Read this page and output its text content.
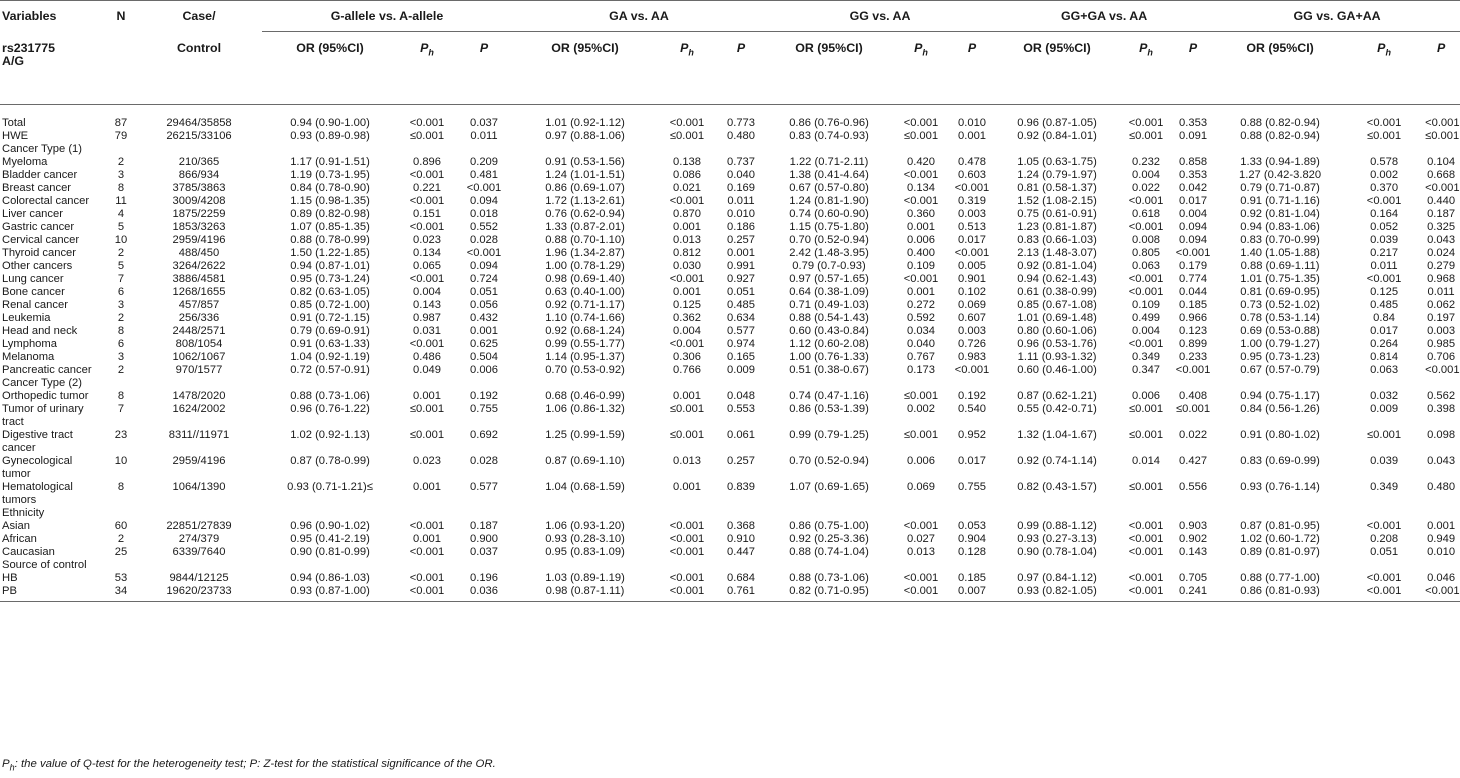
Variables	N	Case/	G-allele vs. A-allele			GA vs. AA			GG vs. AA			GG+GA vs. AA			GG vs. GA+AA		
rs231775
A/G		Control	OR (95%CI)	$P_h$	P	OR (95%CI)	$P_h$	P	OR (95%CI)	$P_h$	P	OR (95%CI)	$P_h$	P	OR (95%CI)	$P_h$	P
Total	87	29464/35858	0.94 (0.90-1.00)	<0.001	0.037	1.01 (0.92-1.12)	<0.001	0.773	0.86 (0.76-0.96)	<0.001	0.010	0.96 (0.87-1.05)	<0.001	0.353	0.88 (0.82-0.94)	<0.001	<0.001
HWE	79	26215/33106	0.93 (0.89-0.98)	≤0.001	0.011	0.97 (0.88-1.06)	≤0.001	0.480	0.83 (0.74-0.93)	≤0.001	0.001	0.92 (0.84-1.01)	≤0.001	0.091	0.88 (0.82-0.94)	≤0.001	≤0.001
Cancer Type (1)																	
Myeloma	2	210/365	1.17 (0.91-1.51)	0.896	0.209	0.91 (0.53-1.56)	0.138	0.737	1.22 (0.71-2.11)	0.420	0.478	1.05 (0.63-1.75)	0.232	0.858	1.33 (0.94-1.89)	0.578	0.104
Bladder cancer	3	866/934	1.19 (0.73-1.95)	<0.001	0.481	1.24 (1.01-1.51)	0.086	0.040	1.38 (0.41-4.64)	<0.001	0.603	1.24 (0.79-1.97)	0.004	0.353	1.27 (0.42-3.820	0.002	0.668
Breast cancer	8	3785/3863	0.84 (0.78-0.90)	0.221	<0.001	0.86 (0.69-1.07)	0.021	0.169	0.67 (0.57-0.80)	0.134	<0.001	0.81 (0.58-1.37)	0.022	0.042	0.79 (0.71-0.87)	0.370	<0.001
Colorectal cancer	11	3009/4208	1.15 (0.98-1.35)	<0.001	0.094	1.72 (1.13-2.61)	<0.001	0.011	1.24 (0.81-1.90)	<0.001	0.319	1.52 (1.08-2.15)	<0.001	0.017	0.91 (0.71-1.16)	<0.001	0.440
Liver cancer	4	1875/2259	0.89 (0.82-0.98)	0.151	0.018	0.76 (0.62-0.94)	0.870	0.010	0.74 (0.60-0.90)	0.360	0.003	0.75 (0.61-0.91)	0.618	0.004	0.92 (0.81-1.04)	0.164	0.187
Gastric cancer	5	1853/3263	1.07 (0.85-1.35)	<0.001	0.552	1.33 (0.87-2.01)	0.001	0.186	1.15 (0.75-1.80)	0.001	0.513	1.23 (0.81-1.87)	<0.001	0.094	0.94 (0.83-1.06)	0.052	0.325
Cervical cancer	10	2959/4196	0.88 (0.78-0.99)	0.023	0.028	0.88 (0.70-1.10)	0.013	0.257	0.70 (0.52-0.94)	0.006	0.017	0.83 (0.66-1.03)	0.008	0.094	0.83 (0.70-0.99)	0.039	0.043
Thyroid cancer	2	488/450	1.50 (1.22-1.85)	0.134	<0.001	1.96 (1.34-2.87)	0.812	0.001	2.42 (1.48-3.95)	0.400	<0.001	2.13 (1.48-3.07)	0.805	<0.001	1.40 (1.05-1.88)	0.217	0.024
Other cancers	5	3264/2622	0.94 (0.87-1.01)	0.065	0.094	1.00 (0.78-1.29)	0.030	0.991	0.79 (0.7-0.93)	0.109	0.005	0.92 (0.81-1.04)	0.063	0.179	0.88 (0.69-1.11)	0.011	0.279
Lung cancer	7	3886/4581	0.95 (0.73-1.24)	<0.001	0.724	0.98 (0.69-1.40)	<0.001	0.927	0.97 (0.57-1.65)	<0.001	0.901	0.94 (0.62-1.43)	<0.001	0.774	1.01 (0.75-1.35)	<0.001	0.968
Bone cancer	6	1268/1655	0.82 (0.63-1.05)	0.004	0.051	0.63 (0.40-1.00)	0.001	0.051	0.64 (0.38-1.09)	0.001	0.102	0.61 (0.38-0.99)	<0.001	0.044	0.81 (0.69-0.95)	0.125	0.011
Renal cancer	3	457/857	0.85 (0.72-1.00)	0.143	0.056	0.92 (0.71-1.17)	0.125	0.485	0.71 (0.49-1.03)	0.272	0.069	0.85 (0.67-1.08)	0.109	0.185	0.73 (0.52-1.02)	0.485	0.062
Leukemia	2	256/336	0.91 (0.72-1.15)	0.987	0.432	1.10 (0.74-1.66)	0.362	0.634	0.88 (0.54-1.43)	0.592	0.607	1.01 (0.69-1.48)	0.499	0.966	0.78 (0.53-1.14)	0.84	0.197
Head and neck	8	2448/2571	0.79 (0.69-0.91)	0.031	0.001	0.92 (0.68-1.24)	0.004	0.577	0.60 (0.43-0.84)	0.034	0.003	0.80 (0.60-1.06)	0.004	0.123	0.69 (0.53-0.88)	0.017	0.003
Lymphoma	6	808/1054	0.91 (0.63-1.33)	<0.001	0.625	0.99 (0.55-1.77)	<0.001	0.974	1.12 (0.60-2.08)	0.040	0.726	0.96 (0.53-1.76)	<0.001	0.899	1.00 (0.79-1.27)	0.264	0.985
Melanoma	3	1062/1067	1.04 (0.92-1.19)	0.486	0.504	1.14 (0.95-1.37)	0.306	0.165	1.00 (0.76-1.33)	0.767	0.983	1.11 (0.93-1.32)	0.349	0.233	0.95 (0.73-1.23)	0.814	0.706
Pancreatic cancer	2	970/1577	0.72 (0.57-0.91)	0.049	0.006	0.70 (0.53-0.92)	0.766	0.009	0.51 (0.38-0.67)	0.173	<0.001	0.60 (0.46-1.00)	0.347	<0.001	0.67 (0.57-0.79)	0.063	<0.001
Cancer Type (2)																	
Orthopedic tumor	8	1478/2020	0.88 (0.73-1.06)	0.001	0.192	0.68 (0.46-0.99)	0.001	0.048	0.74 (0.47-1.16)	≤0.001	0.192	0.87 (0.62-1.21)	0.006	0.408	0.94 (0.75-1.17)	0.032	0.562
Tumor of urinary tract	7	1624/2002	0.96 (0.76-1.22)	≤0.001	0.755	1.06 (0.86-1.32)	≤0.001	0.553	0.86 (0.53-1.39)	0.002	0.540	0.55 (0.42-0.71)	≤0.001	≤0.001	0.84 (0.56-1.26)	0.009	0.398
Digestive tract cancer	23	8311//11971	1.02 (0.92-1.13)	≤0.001	0.692	1.25 (0.99-1.59)	≤0.001	0.061	0.99 (0.79-1.25)	≤0.001	0.952	1.32 (1.04-1.67)	≤0.001	0.022	0.91 (0.80-1.02)	≤0.001	0.098
Gynecological tumor	10	2959/4196	0.87 (0.78-0.99)	0.023	0.028	0.87 (0.69-1.10)	0.013	0.257	0.70 (0.52-0.94)	0.006	0.017	0.92 (0.74-1.14)	0.014	0.427	0.83 (0.69-0.99)	0.039	0.043
Hematological tumors	8	1064/1390	0.93 (0.71-1.21)≤	0.001	0.577	1.04 (0.68-1.59)	0.001	0.839	1.07 (0.69-1.65)	0.069	0.755	0.82 (0.43-1.57)	≤0.001	0.556	0.93 (0.76-1.14)	0.349	0.480
Ethnicity																	
Asian	60	22851/27839	0.96 (0.90-1.02)	<0.001	0.187	1.06 (0.93-1.20)	<0.001	0.368	0.86 (0.75-1.00)	<0.001	0.053	0.99 (0.88-1.12)	<0.001	0.903	0.87 (0.81-0.95)	<0.001	0.001
African	2	274/379	0.95 (0.41-2.19)	0.001	0.900	0.93 (0.28-3.10)	<0.001	0.910	0.92 (0.25-3.36)	0.027	0.904	0.93 (0.27-3.13)	<0.001	0.902	1.02 (0.60-1.72)	0.208	0.949
Caucasian	25	6339/7640	0.90 (0.81-0.99)	<0.001	0.037	0.95 (0.83-1.09)	<0.001	0.447	0.88 (0.74-1.04)	0.013	0.128	0.90 (0.78-1.04)	<0.001	0.143	0.89 (0.81-0.97)	0.051	0.010
Source of control																	
HB	53	9844/12125	0.94 (0.86-1.03)	<0.001	0.196	1.03 (0.89-1.19)	<0.001	0.684	0.88 (0.73-1.06)	<0.001	0.185	0.97 (0.84-1.12)	<0.001	0.705	0.88 (0.77-1.00)	<0.001	0.046
PB	34	19620/23733	0.93 (0.87-1.00)	<0.001	0.036	0.98 (0.87-1.11)	<0.001	0.761	0.82 (0.71-0.95)	<0.001	0.007	0.93 (0.82-1.05)	<0.001	0.241	0.86 (0.81-0.93)	<0.001	<0.001
$P_h$: the value of Q-test for the heterogeneity test; P: Z-test for the statistical significance of the OR.
